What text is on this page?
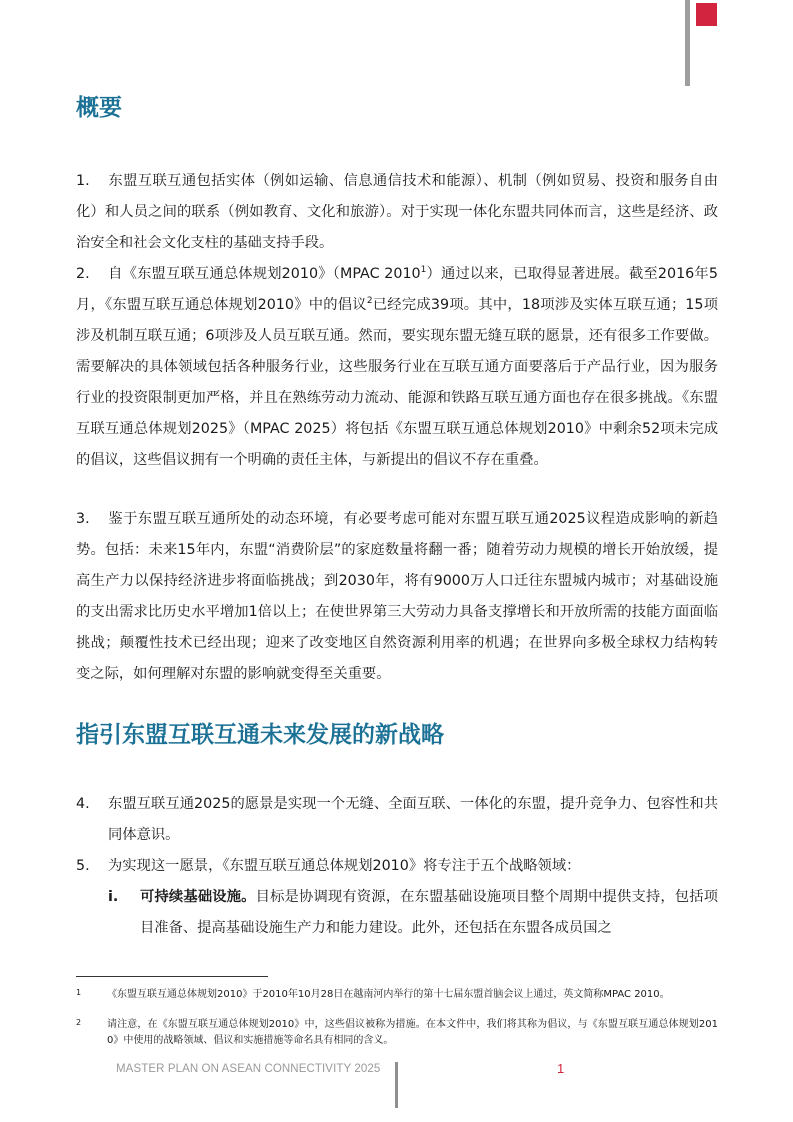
概要

1. 东盟互联互通包括实体（例如运输、信息通信技术和能源）、机制（例如贸易、投资和服务自由化）和人员之间的联系（例如教育、文化和旅游）。对于实现一体化东盟共同体而言，这些是经济、政治安全和社会文化支柱的基础支持手段。

2. 自《东盟互联互通总体规划2010》（MPAC 2010$^1$）通过以来，已取得显著进展。截至2016年5月，《东盟互联互通总体规划2010》中的倡议$^2$已经完成39项。其中，18项涉及实体互联互通；15项涉及机制互联互通；6项涉及人员互联互通。然而，要实现东盟无缝互联的愿景，还有很多工作要做。需要解决的具体领域包括各种服务行业，这些服务行业在互联互通方面要落后于产品行业，因为服务行业的投资限制更加严格，并且在熟练劳动力流动、能源和铁路互联互通方面也存在很多挑战。《东盟互联互通总体规划2025》（MPAC 2025）将包括《东盟互联互通总体规划2010》中剩余52项未完成的倡议，这些倡议拥有一个明确的责任主体，与新提出的倡议不存在重叠。

3. 鉴于东盟互联互通所处的动态环境，有必要考虑可能对东盟互联互通2025议程造成影响的新趋势。包括：未来15年内，东盟“消费阶层”的家庭数量将翻一番；随着劳动力规模的增长开始放缓，提高生产力以保持经济进步将面临挑战；到2030年，将有9000万人口迁往东盟城内城市；对基础设施的支出需求比历史水平增加1倍以上；在使世界第三大劳动力具备支撑增长和开放所需的技能方面面临挑战；颠覆性技术已经出现；迎来了改变地区自然资源利用率的机遇；在世界向多极全球权力结构转变之际，如何理解对东盟的影响就变得至关重要。

指引东盟互联互通未来发展的新战略

4. 东盟互联互通2025的愿景是实现一个无缝、全面互联、一体化的东盟，提升竞争力、包容性和共同体意识。

5. 为实现这一愿景，《东盟互联互通总体规划2010》将专注于五个战略领域：

i. 可持续基础设施。目标是协调现有资源，在东盟基础设施项目整个周期中提供支持，包括项目准备、提高基础设施生产力和能力建设。此外，还包括在东盟各成员国之

1	《东盟互联互通总体规划2010》于2010年10月28日在越南河内举行的第十七届东盟首脑会议上通过，英文简称MPAC 2010。

2	请注意，在《东盟互联互通总体规划2010》中，这些倡议被称为措施。在本文件中，我们将其称为倡议，与《东盟互联互通总体规划2010》中使用的战略领域、倡议和实施措施等命名具有相同的含义。

MASTER PLAN ON ASEAN CONNECTIVITY 2025	1
